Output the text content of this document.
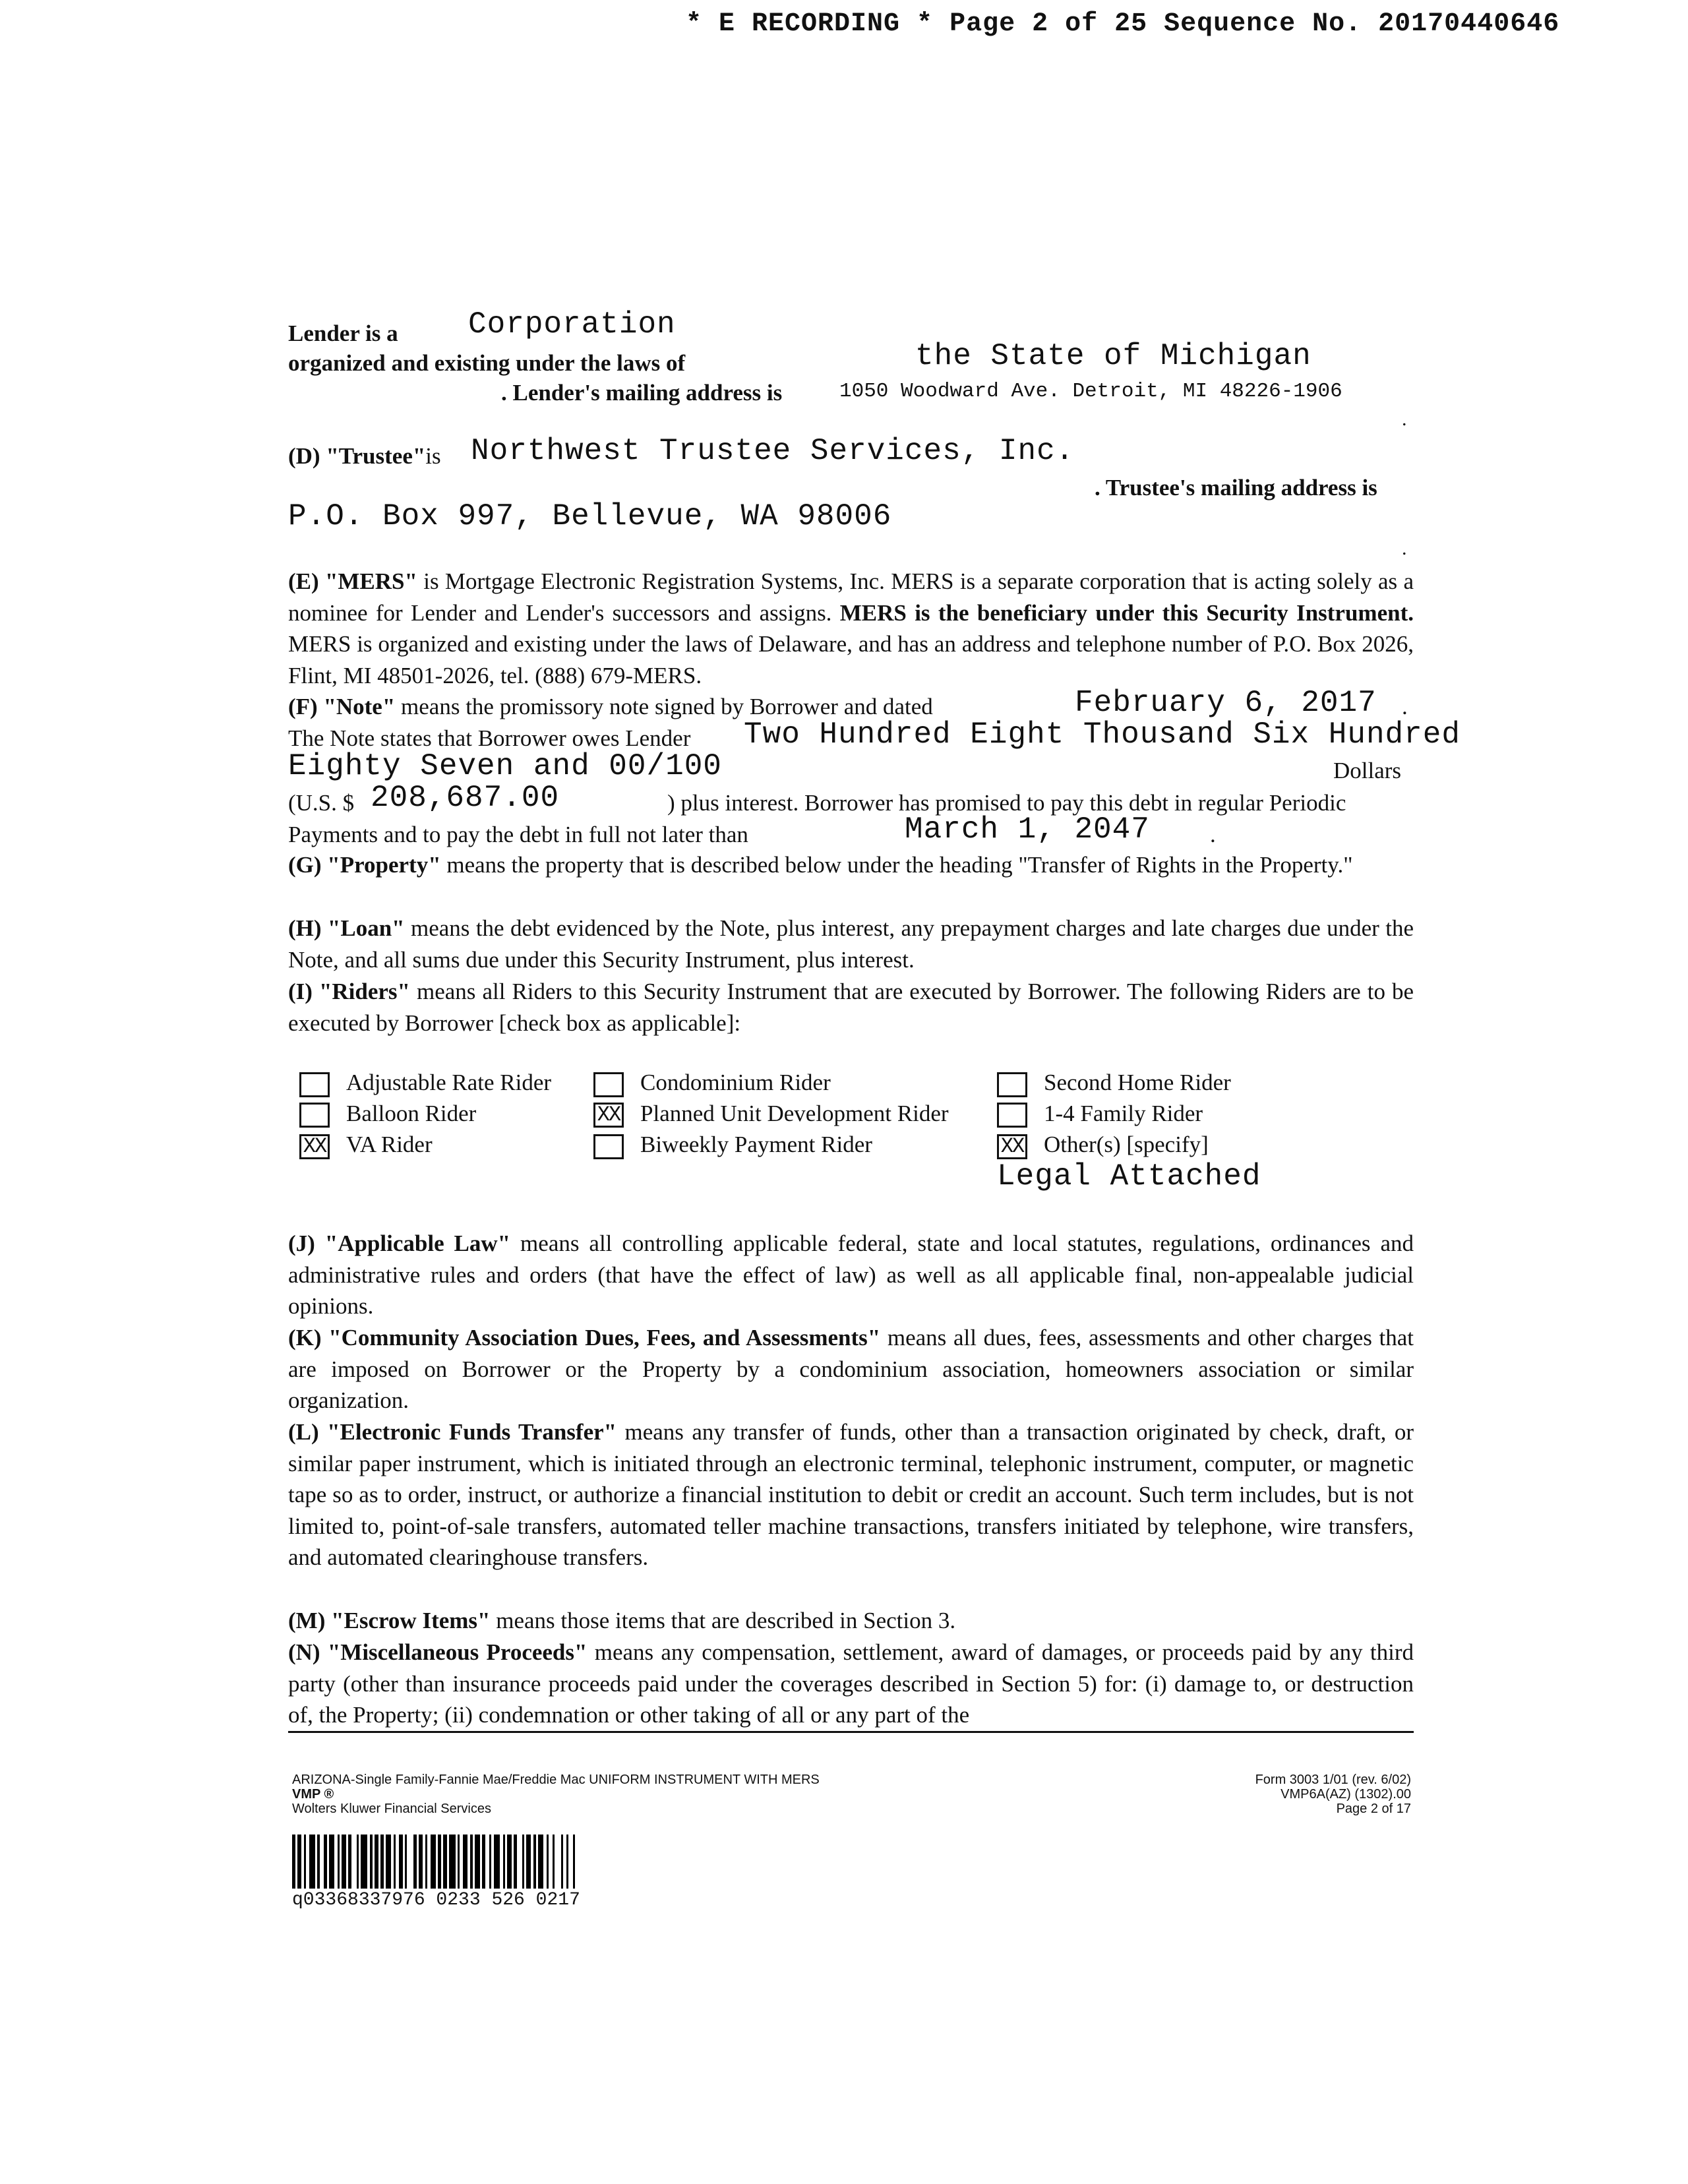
* E RECORDING * Page 2 of 25 Sequence No. 20170440646
Lender is a Corporation
organized and existing under the laws of	the State of Michigan
. Lender's mailing address is	1050 Woodward Ave. Detroit, MI 48226-1906
.
(D) "Trustee"is Northwest Trustee Services, Inc.
. Trustee's mailing address is
P.O. Box 997, Bellevue, WA 98006
.
(E) "MERS" is Mortgage Electronic Registration Systems, Inc. MERS is a separate corporation that is acting solely as a nominee for Lender and Lender's successors and assigns. MERS is the beneficiary under this Security Instrument. MERS is organized and existing under the laws of Delaware, and has an address and telephone number of P.O. Box 2026, Flint, MI 48501-2026, tel. (888) 679-MERS.
(F) "Note" means the promissory note signed by Borrower and dated	February 6, 2017 .
The Note states that Borrower owes Lender Two Hundred Eight Thousand Six Hundred
Eighty Seven and 00/100	Dollars
(U.S. $ 208,687.00	) plus interest. Borrower has promised to pay this debt in regular Periodic
Payments and to pay the debt in full not later than	March 1, 2047	.
(G) "Property" means the property that is described below under the heading "Transfer of Rights in the Property."
(H) "Loan" means the debt evidenced by the Note, plus interest, any prepayment charges and late charges due under the Note, and all sums due under this Security Instrument, plus interest.
(I) "Riders" means all Riders to this Security Instrument that are executed by Borrower. The following Riders are to be executed by Borrower [check box as applicable]:
Adjustable Rate Rider	Condominium Rider	Second Home Rider
Balloon Rider	XX Planned Unit Development Rider	1-4 Family Rider
XX VA Rider	Biweekly Payment Rider	XX Other(s) [specify]
Legal Attached
(J) "Applicable Law" means all controlling applicable federal, state and local statutes, regulations, ordinances and administrative rules and orders (that have the effect of law) as well as all applicable final, non-appealable judicial opinions.
(K) "Community Association Dues, Fees, and Assessments" means all dues, fees, assessments and other charges that are imposed on Borrower or the Property by a condominium association, homeowners association or similar organization.
(L) "Electronic Funds Transfer" means any transfer of funds, other than a transaction originated by check, draft, or similar paper instrument, which is initiated through an electronic terminal, telephonic instrument, computer, or magnetic tape so as to order, instruct, or authorize a financial institution to debit or credit an account. Such term includes, but is not limited to, point-of-sale transfers, automated teller machine transactions, transfers initiated by telephone, wire transfers, and automated clearinghouse transfers.
(M) "Escrow Items" means those items that are described in Section 3.
(N) "Miscellaneous Proceeds" means any compensation, settlement, award of damages, or proceeds paid by any third party (other than insurance proceeds paid under the coverages described in Section 5) for: (i) damage to, or destruction of, the Property; (ii) condemnation or other taking of all or any part of the
ARIZONA-Single Family-Fannie Mae/Freddie Mac UNIFORM INSTRUMENT WITH MERS
VMP ®
Wolters Kluwer Financial Services
Form 3003 1/01 (rev. 6/02)
VMP6A(AZ) (1302).00
Page 2 of 17
q03368337976 0233 526 0217
